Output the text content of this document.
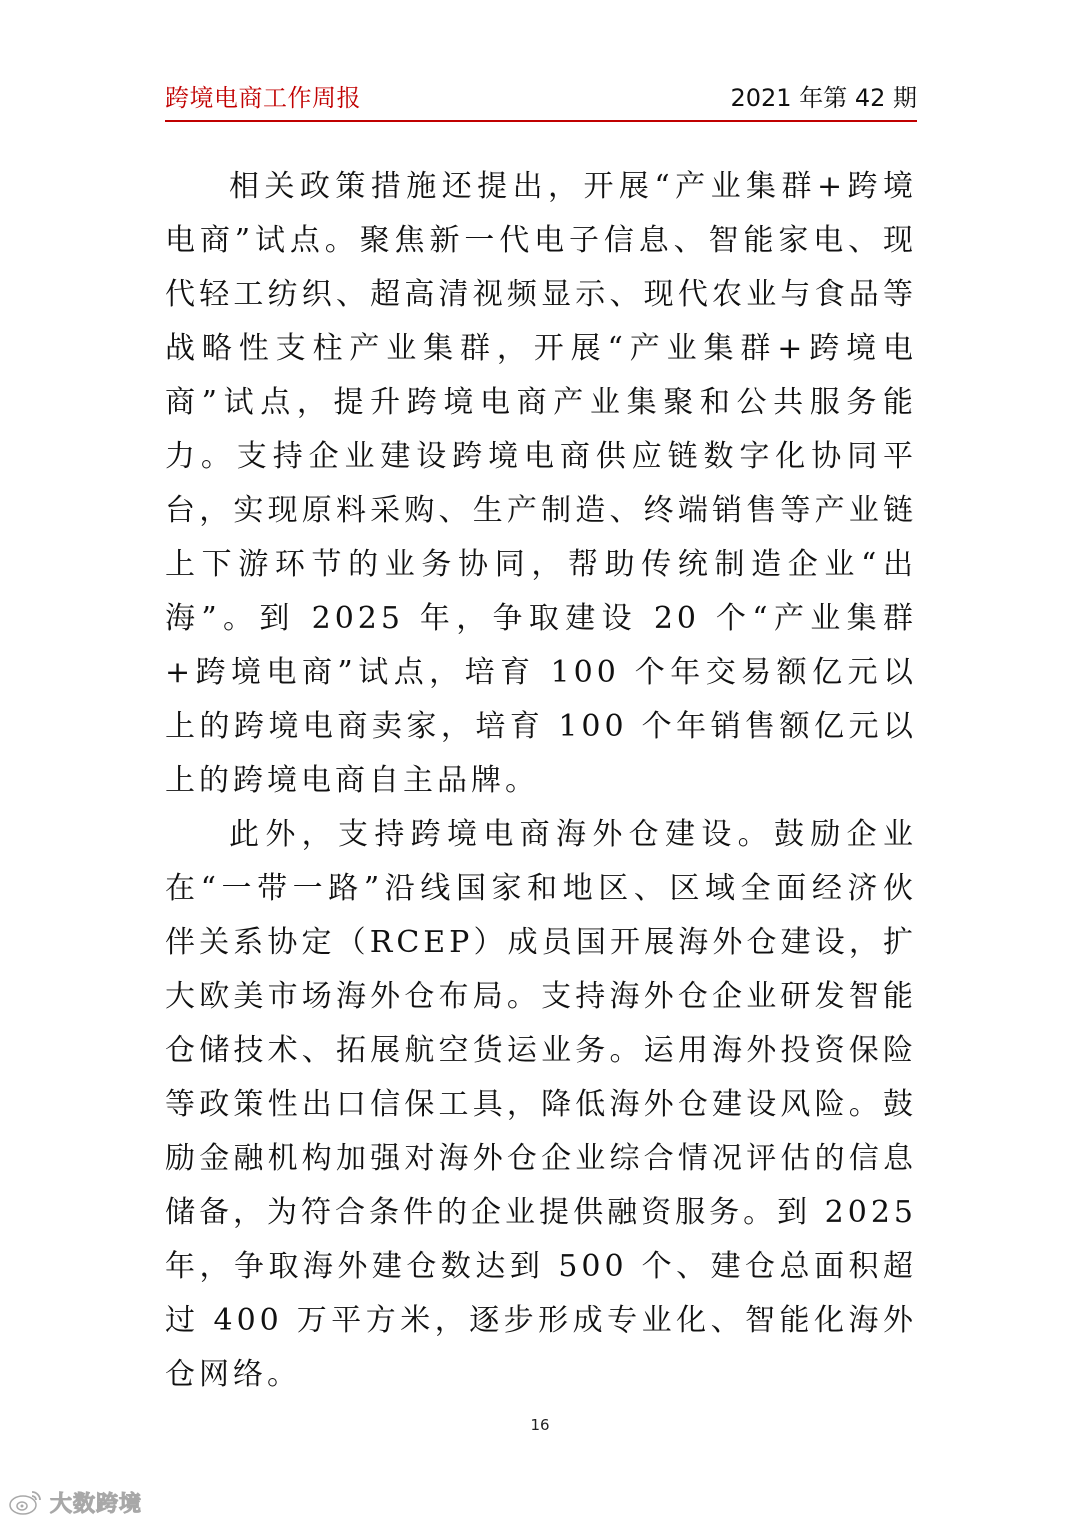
跨境电商工作周报	2021 年第 42 期

相关政策措施还提出，开展“产业集群+跨境电商”试点。聚焦新一代电子信息、智能家电、现代轻工纺织、超高清视频显示、现代农业与食品等战略性支柱产业集群，开展“产业集群+跨境电商”试点，提升跨境电商产业集聚和公共服务能力。支持企业建设跨境电商供应链数字化协同平台，实现原料采购、生产制造、终端销售等产业链上下游环节的业务协同，帮助传统制造企业“出海”。到 2025 年，争取建设 20 个“产业集群+跨境电商”试点，培育 100 个年交易额亿元以上的跨境电商卖家，培育 100 个年销售额亿元以上的跨境电商自主品牌。

此外，支持跨境电商海外仓建设。鼓励企业在“一带一路”沿线国家和地区、区域全面经济伙伴关系协定（RCEP）成员国开展海外仓建设，扩大欧美市场海外仓布局。支持海外仓企业研发智能仓储技术、拓展航空货运业务。运用海外投资保险等政策性出口信保工具，降低海外仓建设风险。鼓励金融机构加强对海外仓企业综合情况评估的信息储备，为符合条件的企业提供融资服务。到 2025 年，争取海外建仓数达到 500 个、建仓总面积超过 400 万平方米，逐步形成专业化、智能化海外仓网络。

16
大数跨境
